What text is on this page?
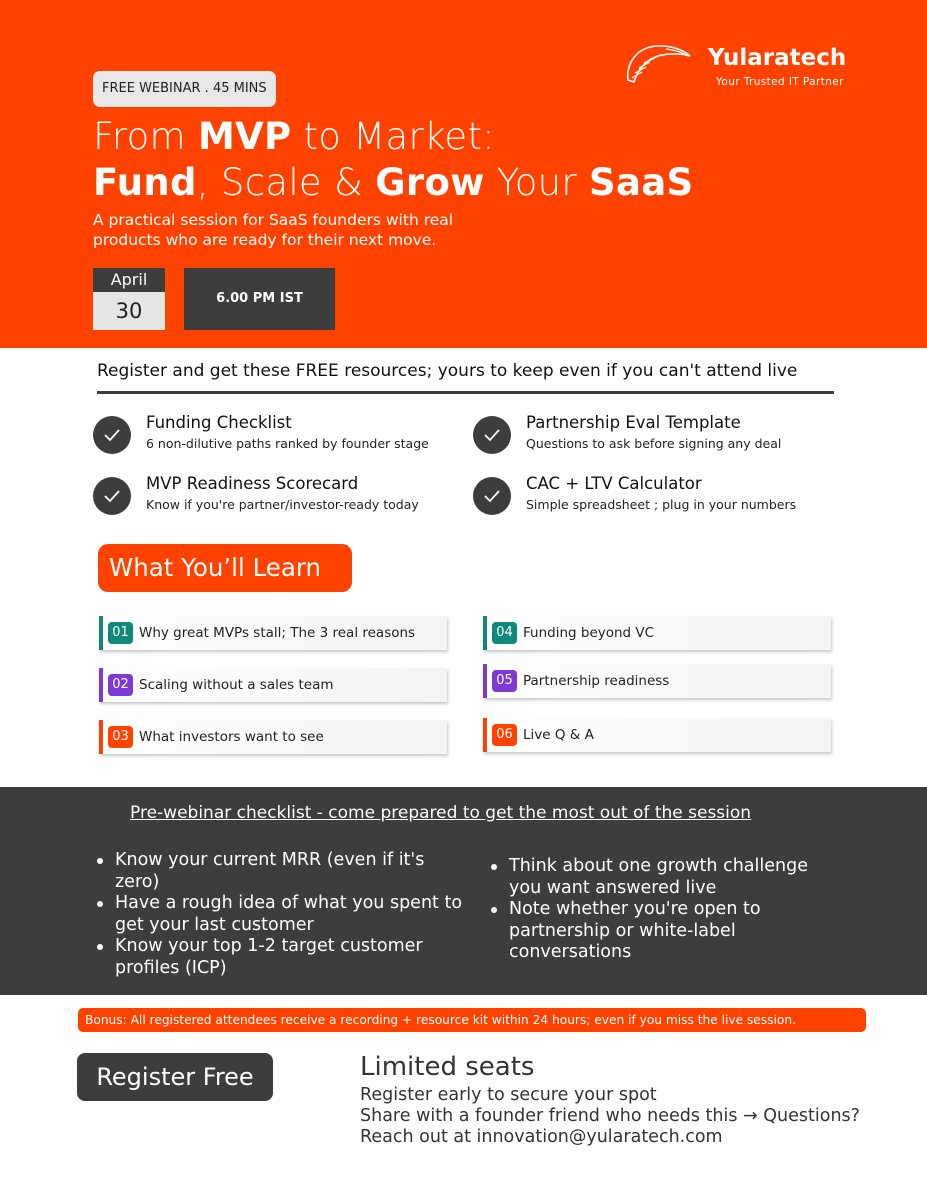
FREE WEBINAR . 45 MINS
From MVP to Market:
Fund, Scale & Grow Your SaaS
A practical session for SaaS founders with real products who are ready for their next move.
April
30
6.00 PM IST
Yularatech
Your Trusted IT Partner
Register and get these FREE resources; yours to keep even if you can't attend live
Funding Checklist
6 non-dilutive paths ranked by founder stage
Partnership Eval Template
Questions to ask before signing any deal
MVP Readiness Scorecard
Know if you're partner/investor-ready today
CAC + LTV Calculator
Simple spreadsheet ; plug in your numbers
What You’ll Learn
01 Why great MVPs stall; The 3 real reasons
02 Scaling without a sales team
03 What investors want to see
04 Funding beyond VC
05 Partnership readiness
06 Live Q & A
Pre-webinar checklist - come prepared to get the most out of the session
Know your current MRR (even if it's zero)
Have a rough idea of what you spent to get your last customer
Know your top 1-2 target customer profiles (ICP)
Think about one growth challenge you want answered live
Note whether you're open to partnership or white-label conversations
Bonus: All registered attendees receive a recording + resource kit within 24 hours; even if you miss the live session.
Register Free	Limited seats
Register early to secure your spot
Share with a founder friend who needs this → Questions?
Reach out at innovation@yularatech.com
